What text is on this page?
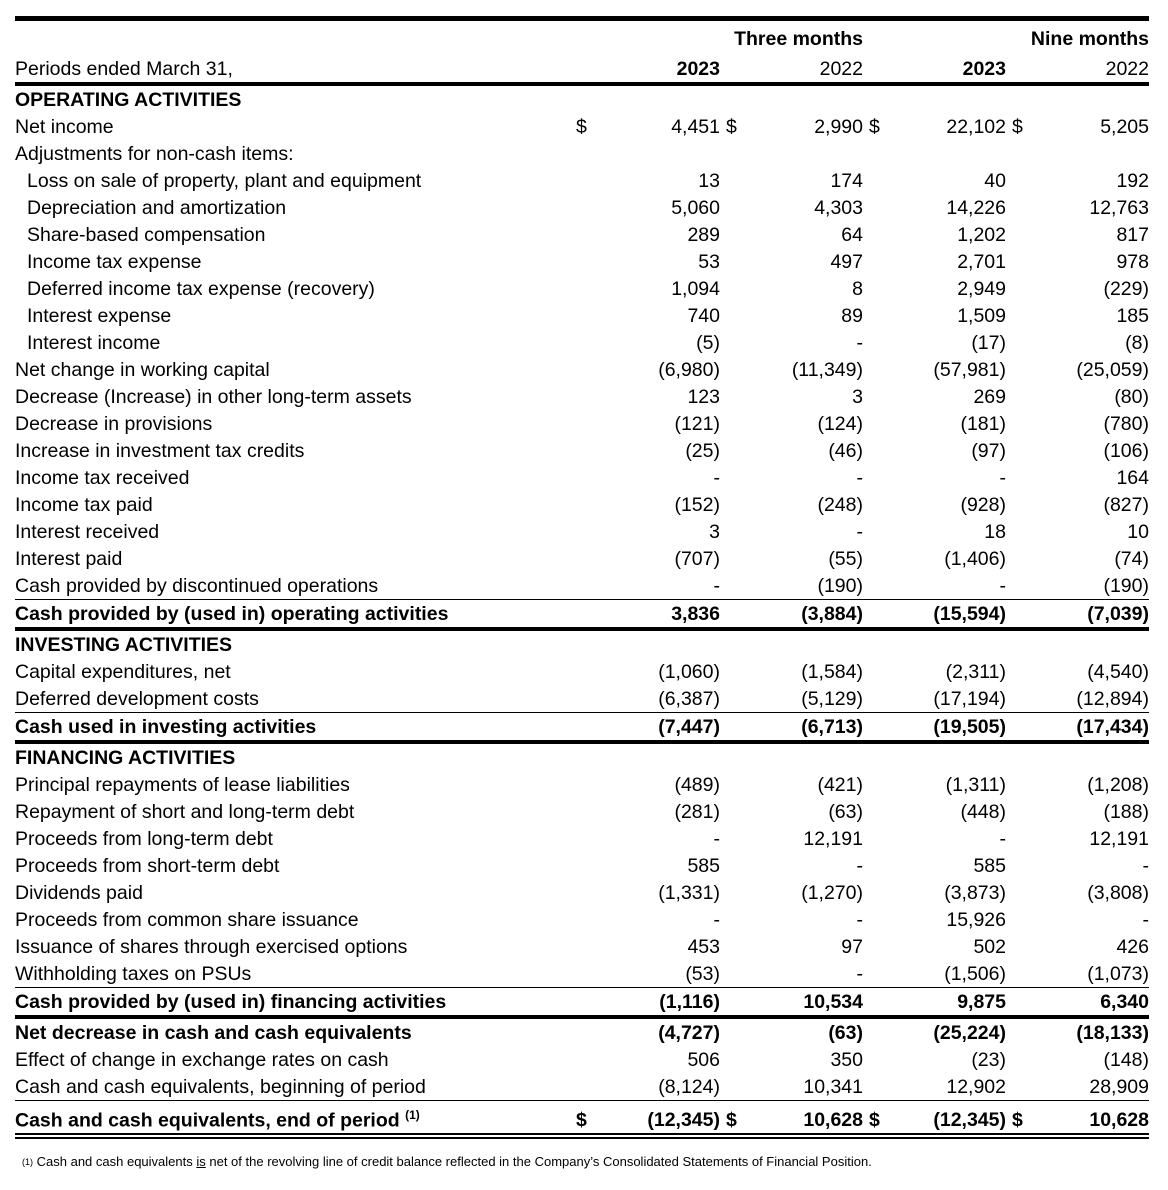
		Three months				Nine months		
Periods ended March 31,		2023		2022		2023		2022
OPERATING ACTIVITIES								
Net income	$	4,451	$	2,990	$	22,102	$	5,205
Adjustments for non-cash items:								
Loss on sale of property, plant and equipment		13		174		40		192
Depreciation and amortization		5,060		4,303		14,226		12,763
Share-based compensation		289		64		1,202		817
Income tax expense		53		497		2,701		978
Deferred income tax expense (recovery)		1,094		8		2,949		(229)
Interest expense		740		89		1,509		185
Interest income		(5)		-		(17)		(8)
Net change in working capital		(6,980)		(11,349)		(57,981)		(25,059)
Decrease (Increase) in other long-term assets		123		3		269		(80)
Decrease in provisions		(121)		(124)		(181)		(780)
Increase in investment tax credits		(25)		(46)		(97)		(106)
Income tax received		-		-		-		164
Income tax paid		(152)		(248)		(928)		(827)
Interest received		3		-		18		10
Interest paid		(707)		(55)		(1,406)		(74)
Cash provided by discontinued operations		-		(190)		-		(190)
Cash provided by (used in) operating activities		3,836		(3,884)		(15,594)		(7,039)
INVESTING ACTIVITIES								
Capital expenditures, net		(1,060)		(1,584)		(2,311)		(4,540)
Deferred development costs		(6,387)		(5,129)		(17,194)		(12,894)
Cash used in investing activities		(7,447)		(6,713)		(19,505)		(17,434)
FINANCING ACTIVITIES								
Principal repayments of lease liabilities		(489)		(421)		(1,311)		(1,208)
Repayment of short and long-term debt		(281)		(63)		(448)		(188)
Proceeds from long-term debt		-		12,191		-		12,191
Proceeds from short-term debt		585		-		585		-
Dividends paid		(1,331)		(1,270)		(3,873)		(3,808)
Proceeds from common share issuance		-		-		15,926		-
Issuance of shares through exercised options		453		97		502		426
Withholding taxes on PSUs		(53)		-		(1,506)		(1,073)
Cash provided by (used in) financing activities		(1,116)		10,534		9,875		6,340
Net decrease in cash and cash equivalents		(4,727)		(63)		(25,224)		(18,133)
Effect of change in exchange rates on cash		506		350		(23)		(148)
Cash and cash equivalents, beginning of period		(8,124)		10,341		12,902		28,909
Cash and cash equivalents, end of period $^{(1)}$	$	(12,345)	$	10,628	$	(12,345)	$	10,628
(1) Cash and cash equivalents is net of the revolving line of credit balance reflected in the Company’s Consolidated Statements of Financial Position.
